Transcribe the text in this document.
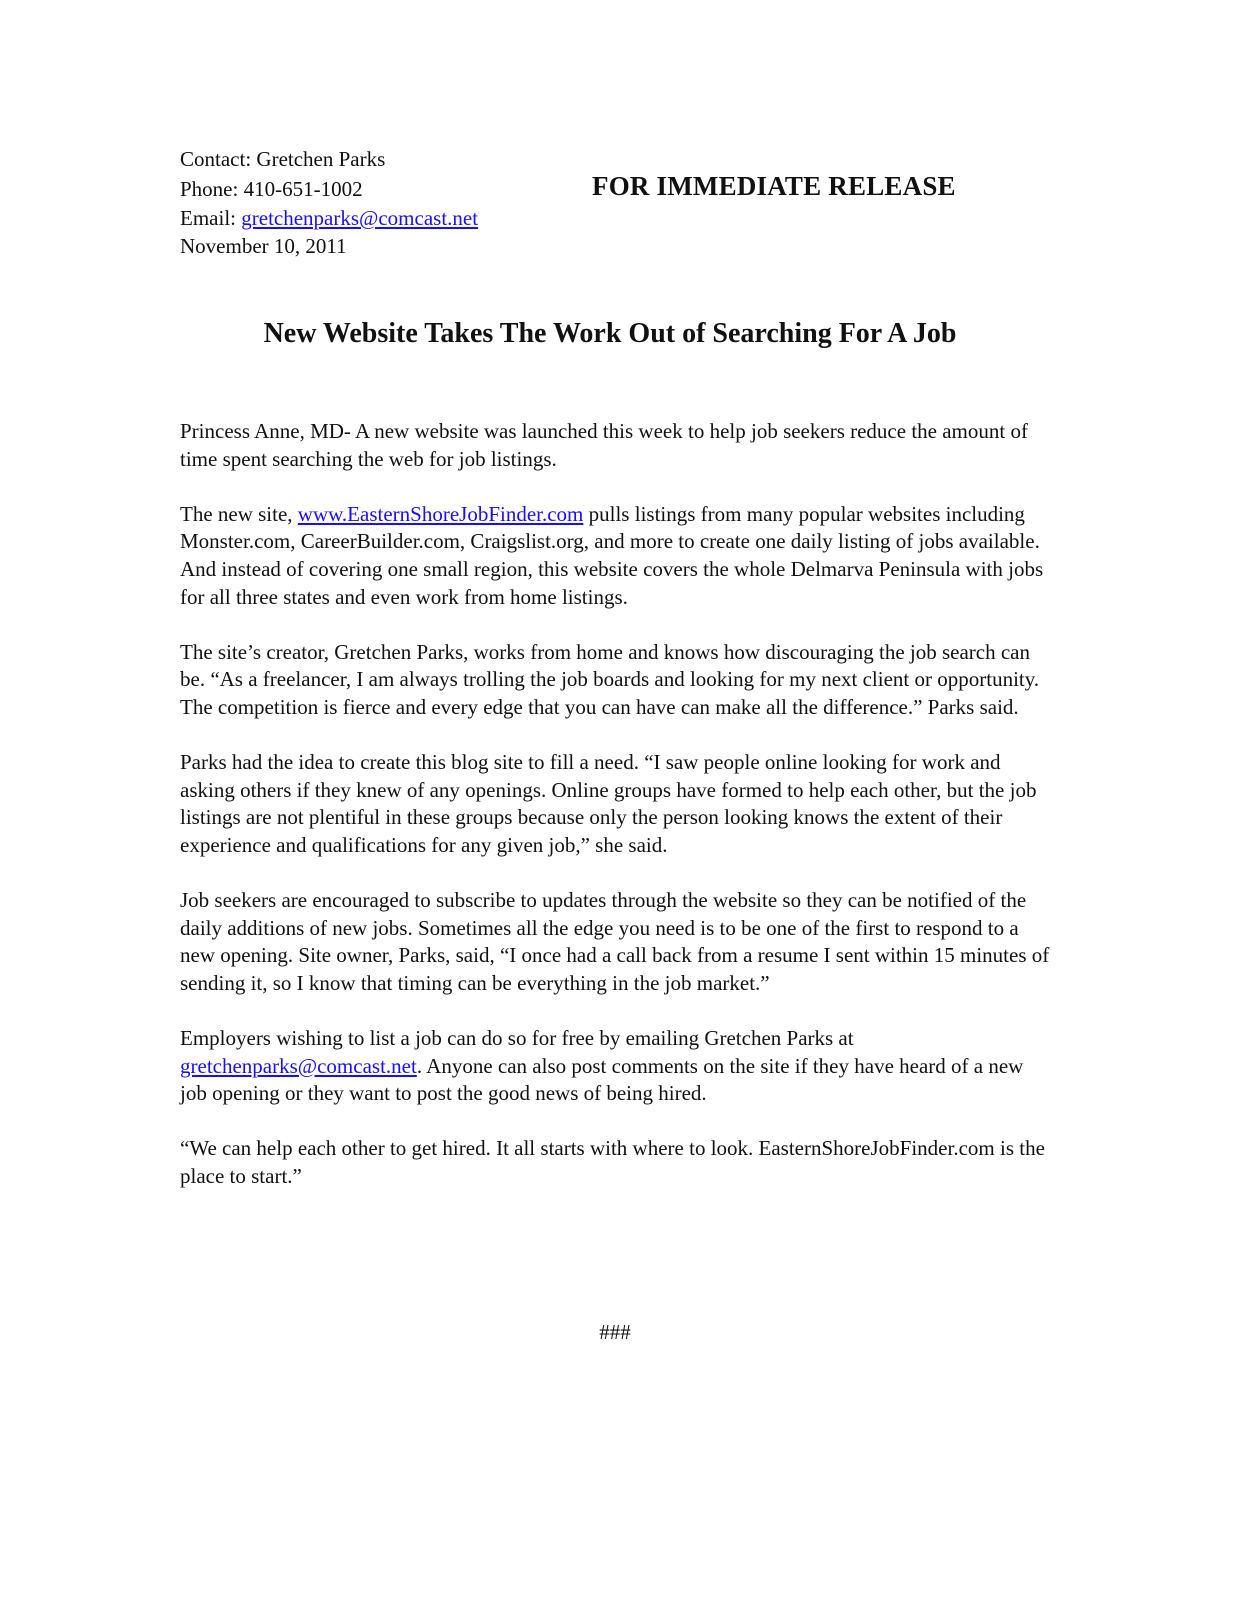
Contact: Gretchen Parks
Phone: 410-651-1002
Email: gretchenparks@comcast.net
November 10, 2011
FOR IMMEDIATE RELEASE
New Website Takes The Work Out of Searching For A Job

Princess Anne, MD- A new website was launched this week to help job seekers reduce the amount of time spent searching the web for job listings.

The new site, www.EasternShoreJobFinder.com pulls listings from many popular websites including Monster.com, CareerBuilder.com, Craigslist.org, and more to create one daily listing of jobs available. And instead of covering one small region, this website covers the whole Delmarva Peninsula with jobs for all three states and even work from home listings.

The site’s creator, Gretchen Parks, works from home and knows how discouraging the job search can be. “As a freelancer, I am always trolling the job boards and looking for my next client or opportunity. The competition is fierce and every edge that you can have can make all the difference.” Parks said.

Parks had the idea to create this blog site to fill a need. “I saw people online looking for work and asking others if they knew of any openings. Online groups have formed to help each other, but the job listings are not plentiful in these groups because only the person looking knows the extent of their experience and qualifications for any given job,” she said.

Job seekers are encouraged to subscribe to updates through the website so they can be notified of the daily additions of new jobs. Sometimes all the edge you need is to be one of the first to respond to a new opening. Site owner, Parks, said, “I once had a call back from a resume I sent within 15 minutes of sending it, so I know that timing can be everything in the job market.”

Employers wishing to list a job can do so for free by emailing Gretchen Parks at gretchenparks@comcast.net. Anyone can also post comments on the site if they have heard of a new job opening or they want to post the good news of being hired.

“We can help each other to get hired. It all starts with where to look. EasternShoreJobFinder.com is the place to start.”

###
